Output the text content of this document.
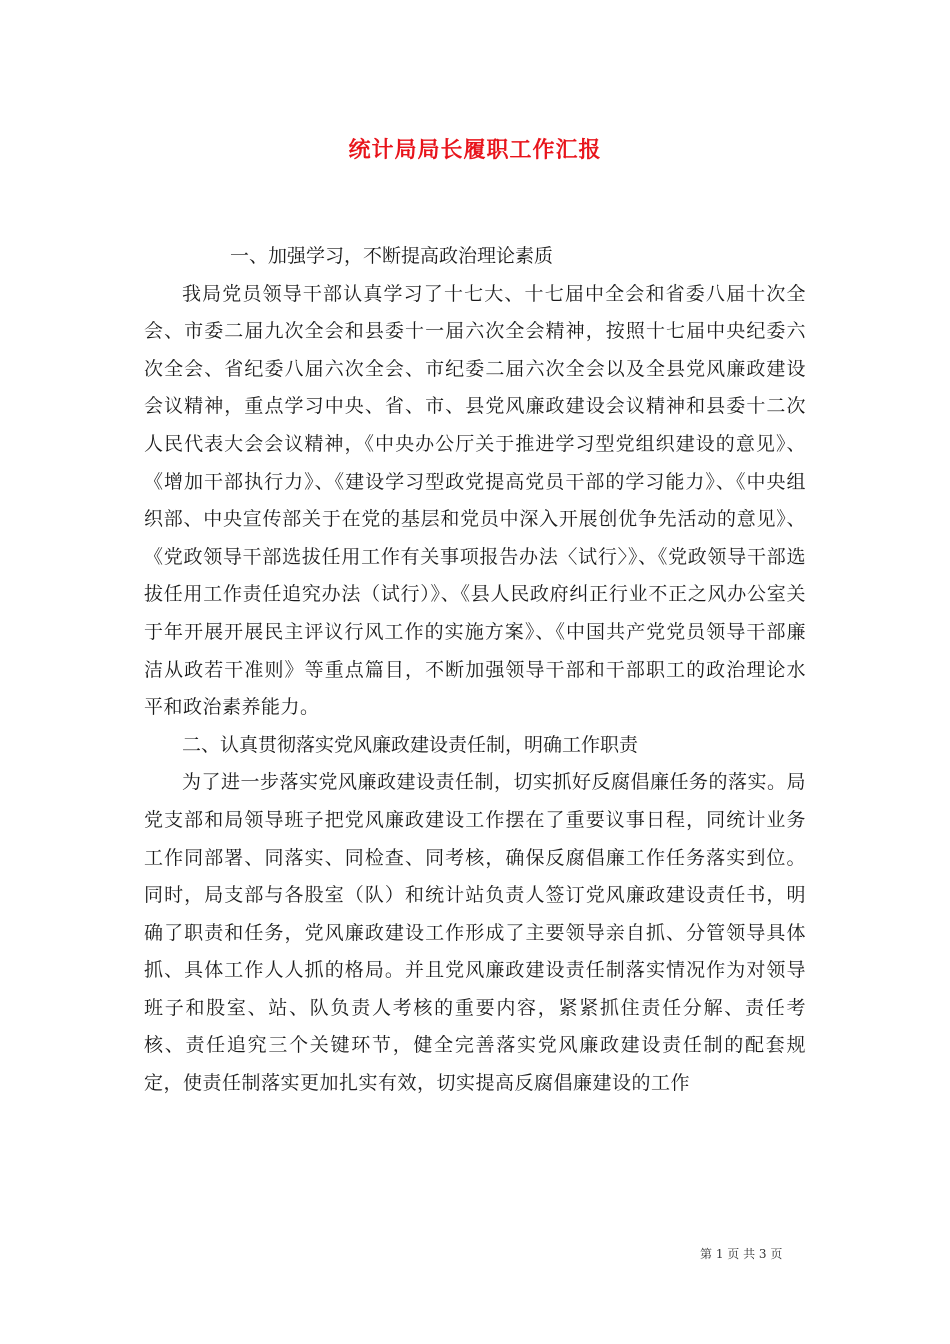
统计局局长履职工作汇报

一、加强学习，不断提高政治理论素质

我局党员领导干部认真学习了十七大、十七届中全会和省委八届十次全会、市委二届九次全会和县委十一届六次全会精神，按照十七届中央纪委六次全会、省纪委八届六次全会、市纪委二届六次全会以及全县党风廉政建设会议精神，重点学习中央、省、市、县党风廉政建设会议精神和县委十二次人民代表大会会议精神，《中央办公厅关于推进学习型党组织建设的意见》、《增加干部执行力》、《建设学习型政党提高党员干部的学习能力》、《中央组织部、中央宣传部关于在党的基层和党员中深入开展创优争先活动的意见》、《党政领导干部选拔任用工作有关事项报告办法〈试行〉》、《党政领导干部选拔任用工作责任追究办法（试行）》、《县人民政府纠正行业不正之风办公室关于年开展开展民主评议行风工作的实施方案》、《中国共产党党员领导干部廉洁从政若干准则》等重点篇目，不断加强领导干部和干部职工的政治理论水平和政治素养能力。

二、认真贯彻落实党风廉政建设责任制，明确工作职责

为了进一步落实党风廉政建设责任制，切实抓好反腐倡廉任务的落实。局党支部和局领导班子把党风廉政建设工作摆在了重要议事日程，同统计业务工作同部署、同落实、同检查、同考核，确保反腐倡廉工作任务落实到位。同时，局支部与各股室（队）和统计站负责人签订党风廉政建设责任书，明确了职责和任务，党风廉政建设工作形成了主要领导亲自抓、分管领导具体抓、具体工作人人抓的格局。并且党风廉政建设责任制落实情况作为对领导班子和股室、站、队负责人考核的重要内容，紧紧抓住责任分解、责任考核、责任追究三个关键环节，健全完善落实党风廉政建设责任制的配套规定，使责任制落实更加扎实有效，切实提高反腐倡廉建设的工作

第 1 页 共 3 页
